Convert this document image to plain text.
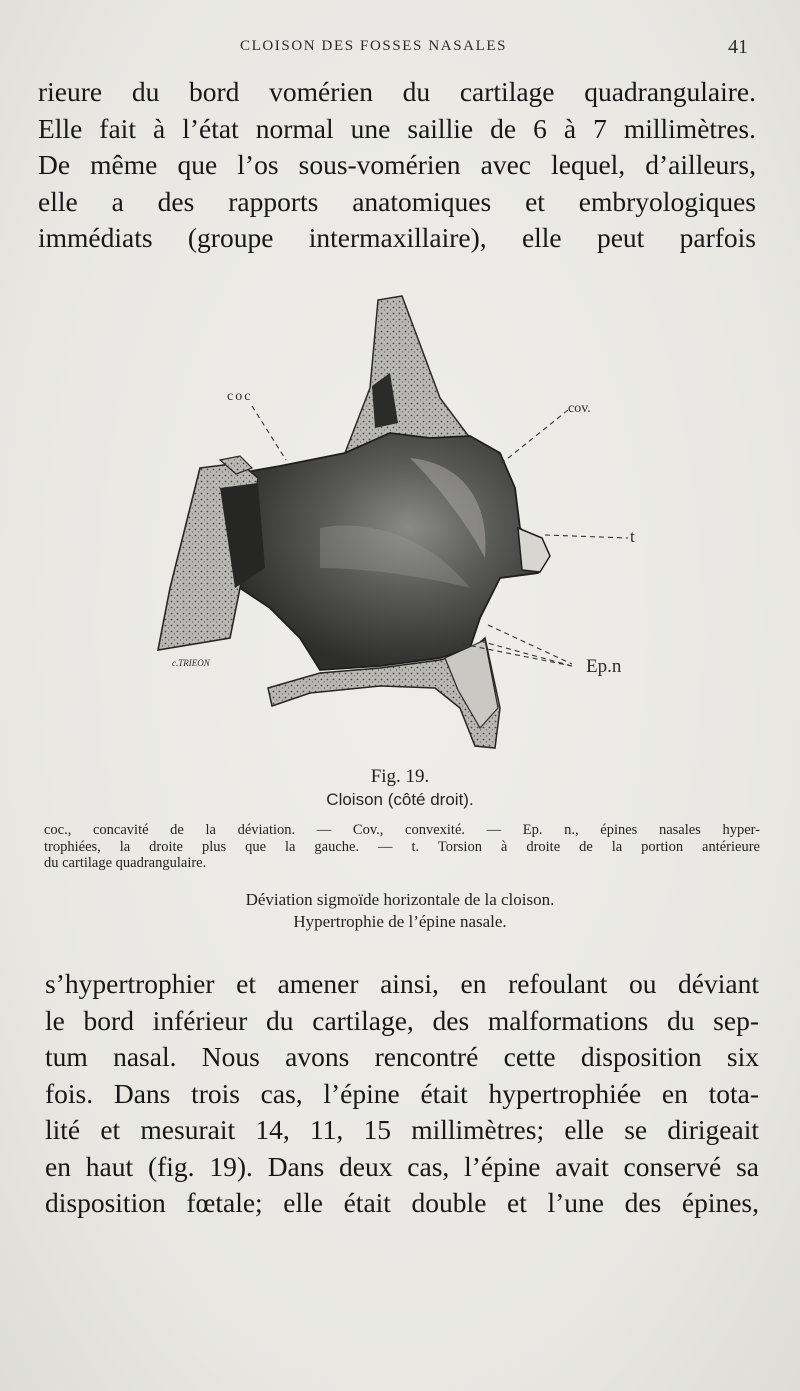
CLOISON DES FOSSES NASALES	41
rieure du bord vomérien du cartilage quadrangulaire.
Elle fait à l’état normal une saillie de 6 à 7 millimètres.
De même que l’os sous-vomérien avec lequel, d’ailleurs,
elle a des rapports anatomiques et embryologiques
immédiats (groupe intermaxillaire), elle peut parfois
coc
cov.
t
Ep.n
c.TRIEON
Fig. 19.
Cloison (côté droit).
coc., concavité de la déviation. — Cov., convexité. — Ep. n., épines nasales hyper-
trophiées, la droite plus que la gauche. — t. Torsion à droite de la portion antérieure
du cartilage quadrangulaire.
Déviation sigmoïde horizontale de la cloison.
Hypertrophie de l’épine nasale.
s’hypertrophier et amener ainsi, en refoulant ou déviant
le bord inférieur du cartilage, des malformations du sep-
tum nasal. Nous avons rencontré cette disposition six
fois. Dans trois cas, l’épine était hypertrophiée en tota-
lité et mesurait 14, 11, 15 millimètres; elle se dirigeait
en haut (fig. 19). Dans deux cas, l’épine avait conservé sa
disposition fœtale; elle était double et l’une des épines,
